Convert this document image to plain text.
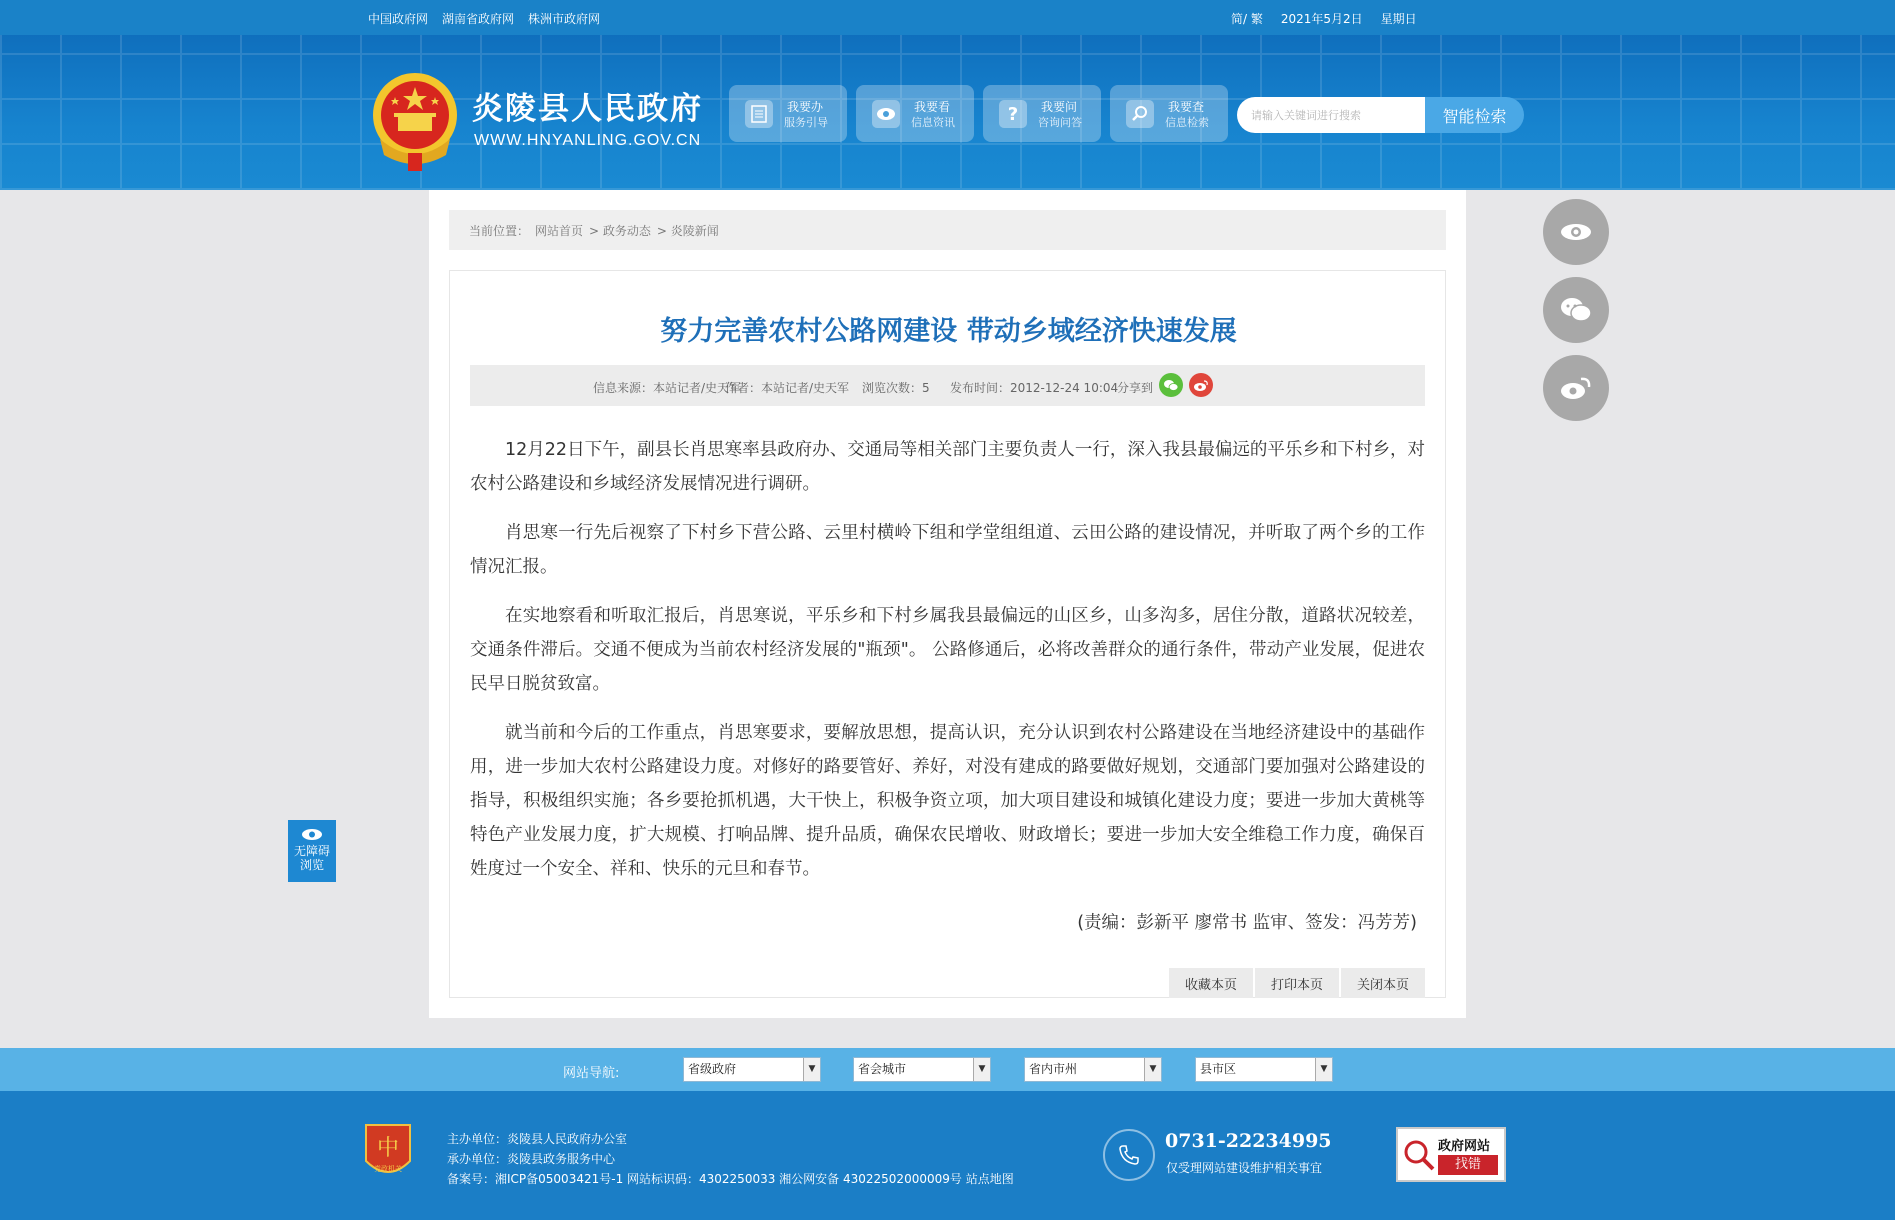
中国政府网 湖南省政府网 株洲市政府网	简/ 繁 2021年5月2日 星期日
炎陵县人民政府
WWW.HNYANLING.GOV.CN
我要办
服务引导
我要看
信息资讯	? 我要问
咨询问答
我要查
信息检索
请输入关键词进行搜索	智能检索
当前位置： 网站首页 > 政务动态 > 炎陵新闻
努力完善农村公路网建设 带动乡域经济快速发展
信息来源：本站记者/史天军
作者：本站记者/史天军 浏览次数：5 发布时间：2012-12-24 10:04
分享到

12月22日下午，副县长肖思寒率县政府办、交通局等相关部门主要负责人一行，深入我县最偏远的平乐乡和下村乡，对农村公路建设和乡域经济发展情况进行调研。

肖思寒一行先后视察了下村乡下营公路、云里村横岭下组和学堂组组道、云田公路的建设情况，并听取了两个乡的工作情况汇报。

在实地察看和听取汇报后，肖思寒说，平乐乡和下村乡属我县最偏远的山区乡，山多沟多，居住分散，道路状况较差，交通条件滞后。交通不便成为当前农村经济发展的"瓶颈"。 公路修通后，必将改善群众的通行条件，带动产业发展，促进农民早日脱贫致富。

就当前和今后的工作重点，肖思寒要求，要解放思想，提高认识，充分认识到农村公路建设在当地经济建设中的基础作用，进一步加大农村公路建设力度。对修好的路要管好、养好，对没有建成的路要做好规划，交通部门要加强对公路建设的指导，积极组织实施；各乡要抢抓机遇，大干快上，积极争资立项，加大项目建设和城镇化建设力度；要进一步加大黄桃等特色产业发展力度，扩大规模、打响品牌、提升品质，确保农民增收、财政增长；要进一步加大安全维稳工作力度，确保百姓度过一个安全、祥和、快乐的元旦和春节。

(责编：彭新平 廖常书 监审、签发：冯芳芳)
收藏本页	打印本页	关闭本页
无障碍
浏览
网站导航:	省级政府	▼	省会城市	▼	省内市州	▼	县市区	▼
中
党政机关
主办单位：炎陵县人民政府办公室
承办单位：炎陵县政务服务中心
备案号：湘ICP备05003421号-1 网站标识码：4302250033 湘公网安备 43022502000009号 站点地图
0731-22234995
仅受理网站建设维护相关事宜
政府网站
找错
